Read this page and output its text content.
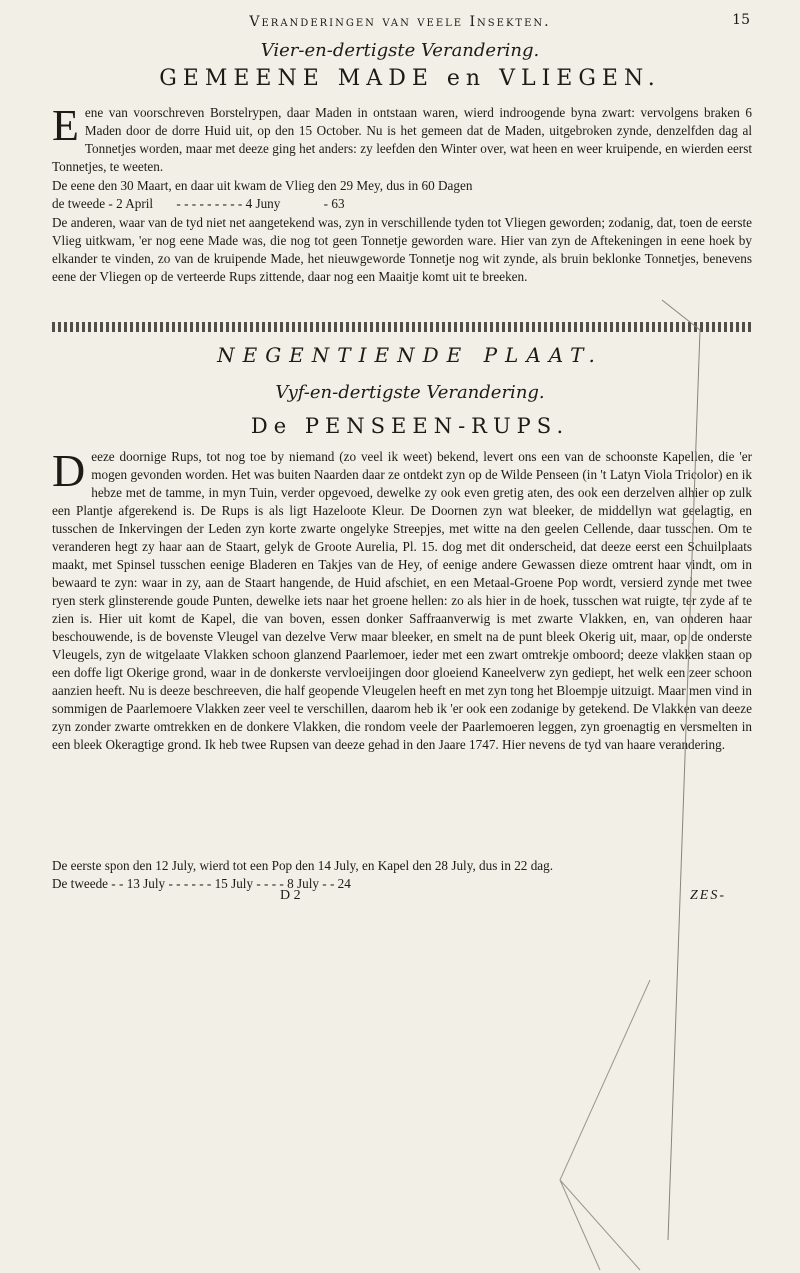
Veranderingen van veele Insekten.	15
Vier-en-dertigste Verandering.
GEMEENE MADE en VLIEGEN.
E ene van voorschreven Borstelrypen, daar Maden in ontstaan waren, wierd indroogende byna zwart: vervolgens braken 6 Maden door de dorre Huid uit, op den 15 October. Nu is het gemeen dat de Maden, uitgebroken zynde, denzelfden dag al Tonnetjes worden, maar met deeze ging het anders: zy leefden den Winter over, wat heen en weer kruipende, en wierden eerst Tonnetjes, te weeten.
De eene den 30 Maart, en daar uit kwam de Vlieg den 29 Mey, dus in 60 Dagen
de tweede - 2 April - - - - - - - - - 4 Juny	- 63
De anderen, waar van de tyd niet net aangetekend was, zyn in verschillende tyden tot Vliegen geworden; zodanig, dat, toen de eerste Vlieg uitkwam, 'er nog eene Made was, die nog tot geen Tonnetje geworden ware. Hier van zyn de Aftekeningen in eene hoek by elkander te vinden, zo van de kruipende Made, het nieuwgeworde Tonnetje nog wit zynde, als bruin beklonke Tonnetjes, benevens eene der Vliegen op de verteerde Rups zittende, daar nog een Maaitje komt uit te breeken.
NEGENTIENDE PLAAT.
Vyf-en-dertigste Verandering.
De PENSEEN-RUPS.
D eeze doornige Rups, tot nog toe by niemand (zo veel ik weet) bekend, levert ons een van de schoonste Kapellen, die 'er mogen gevonden worden. Het was buiten Naarden daar ze ontdekt zyn op de Wilde Penseen (in 't Latyn Viola Tricolor) en ik hebze met de tamme, in myn Tuin, verder opgevoed, dewelke zy ook even gretig aten, des ook een derzelven alhier op zulk een Plantje afgerekend is. De Rups is als ligt Hazeloote Kleur. De Doornen zyn wat bleeker, de middellyn wat geelagtig, en tusschen de Inkervingen der Leden zyn korte zwarte ongelyke Streepjes, met witte na den geelen Cellende, daar tusschen. Om te veranderen hegt zy haar aan de Staart, gelyk de Groote Aurelia, Pl. 15. dog met dit onderscheid, dat deeze eerst een Schuilplaats maakt, met Spinsel tusschen eenige Bladeren en Takjes van de Hey, of eenige andere Gewassen dieze omtrent haar vindt, om in bewaard te zyn: waar in zy, aan de Staart hangende, de Huid afschiet, en een Metaal-Groene Pop wordt, versierd zynde met twee ryen sterk glinsterende goude Punten, dewelke iets naar het groene hellen: zo als hier in de hoek, tusschen wat ruigte, ter zyde af te zien is. Hier uit komt de Kapel, die van boven, essen donker Saffraanverwig is met zwarte Vlakken, en, van onderen haar beschouwende, is de bovenste Vleugel van dezelve Verw maar bleeker, en smelt na de punt bleek Okerig uit, maar, op de onderste Vleugels, zyn de witgelaate Vlakken schoon glanzend Paarlemoer, ieder met een zwart omtrekje omboord; deeze vlakken staan op een doffe ligt Okerige grond, waar in de donkerste vervloeijingen door gloeiend Kaneelverw zyn gediept, het welk een zeer schoon aanzien heeft. Nu is deeze beschreeven, die half geopende Vleugelen heeft en met zyn tong het Bloempje uitzuigt. Maar men vind in sommigen de Paarlemoere Vlakken zeer veel te verschillen, daarom heb ik 'er ook een zodanige by getekend. De Vlakken van deeze zyn zonder zwarte omtrekken en de donkere Vlakken, die rondom veele der Paarlemoeren leggen, zyn groenagtig en versmelten in een bleek Okeragtige grond. Ik heb twee Rupsen van deeze gehad in den Jaare 1747. Hier nevens de tyd van haare verandering.
De eerste spon den 12 July, wierd tot een Pop den 14 July, en Kapel den 28 July, dus in 22 dag.
De tweede - - 13 July - - - - - - 15 July - - - - 8 July - - 24
D 2	ZES-
